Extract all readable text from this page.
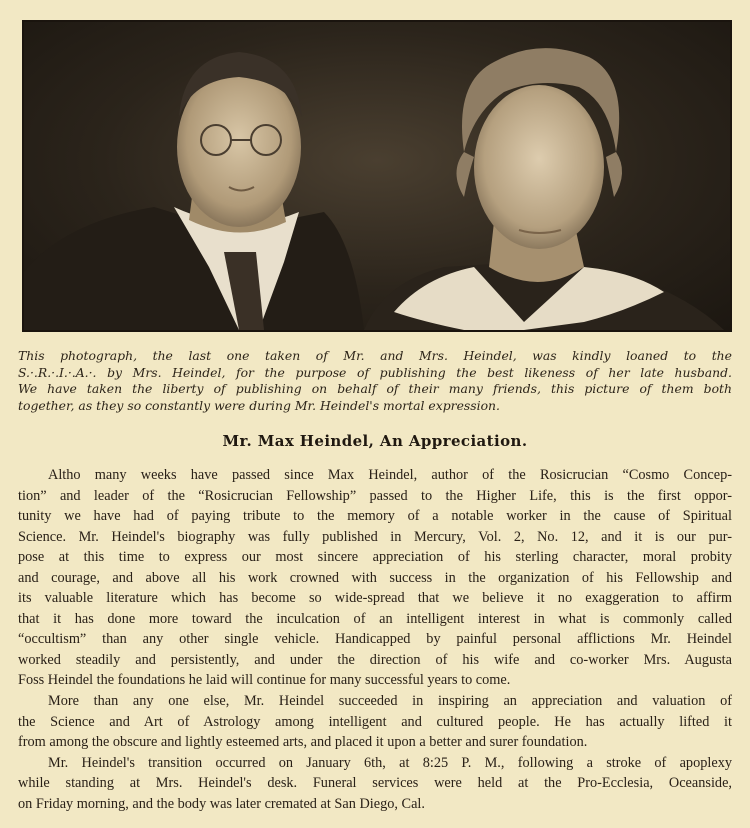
This photograph, the last one taken of Mr. and Mrs. Heindel, was kindly loaned to the
S.·.R.·.I.·.A.·. by Mrs. Heindel, for the purpose of publishing the best likeness of her late husband.
We have taken the liberty of publishing on behalf of their many friends, this picture of them both
together, as they so constantly were during Mr. Heindel's mortal expression.
Mr. Max Heindel, An Appreciation.
Altho many weeks have passed since Max Heindel, author of the Rosicrucian “Cosmo Concep-
tion” and leader of the “Rosicrucian Fellowship” passed to the Higher Life, this is the first oppor-
tunity we have had of paying tribute to the memory of a notable worker in the cause of Spiritual
Science. Mr. Heindel's biography was fully published in Mercury, Vol. 2, No. 12, and it is our pur-
pose at this time to express our most sincere appreciation of his sterling character, moral probity
and courage, and above all his work crowned with success in the organization of his Fellowship and
its valuable literature which has become so wide-spread that we believe it no exaggeration to affirm
that it has done more toward the inculcation of an intelligent interest in what is commonly called
“occultism” than any other single vehicle. Handicapped by painful personal afflictions Mr. Heindel
worked steadily and persistently, and under the direction of his wife and co-worker Mrs. Augusta
Foss Heindel the foundations he laid will continue for many successful years to come.
More than any one else, Mr. Heindel succeeded in inspiring an appreciation and valuation of
the Science and Art of Astrology among intelligent and cultured people. He has actually lifted it
from among the obscure and lightly esteemed arts, and placed it upon a better and surer foundation.
Mr. Heindel's transition occurred on January 6th, at 8:25 P. M., following a stroke of apoplexy
while standing at Mrs. Heindel's desk. Funeral services were held at the Pro-Ecclesia, Oceanside,
on Friday morning, and the body was later cremated at San Diego, Cal.
